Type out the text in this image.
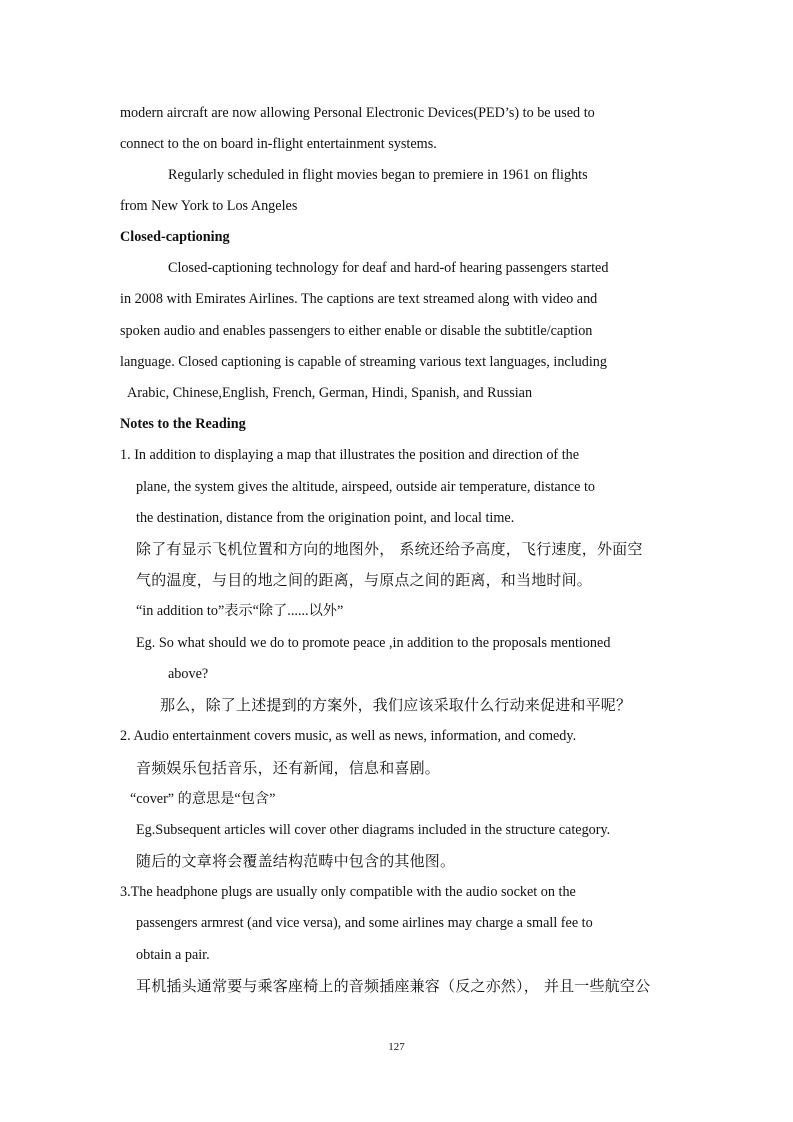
modern aircraft are now allowing Personal Electronic Devices(PED’s) to be used to
connect to the on board in-flight entertainment systems.
Regularly scheduled in flight movies began to premiere in 1961 on flights
from New York to Los Angeles
Closed-captioning
Closed-captioning technology for deaf and hard-of hearing passengers started
in 2008 with Emirates Airlines. The captions are text streamed along with video and
spoken audio and enables passengers to either enable or disable the subtitle/caption
language. Closed captioning is capable of streaming various text languages, including
Arabic, Chinese,English, French, German, Hindi, Spanish, and Russian
Notes to the Reading
1. In addition to displaying a map that illustrates the position and direction of the
plane, the system gives the altitude, airspeed, outside air temperature, distance to
the destination, distance from the origination point, and local time.
除了有显示飞机位置和方向的地图外， 系统还给予高度，飞行速度，外面空
气的温度，与目的地之间的距离，与原点之间的距离，和当地时间。
“in addition to”表示“除了......以外”
Eg. So what should we do to promote peace ,in addition to the proposals mentioned
above?
那么，除了上述提到的方案外，我们应该采取什么行动来促进和平呢？
2. Audio entertainment covers music, as well as news, information, and comedy.
音频娱乐包括音乐，还有新闻，信息和喜剧。
“cover” 的意思是“包含”
Eg.Subsequent articles will cover other diagrams included in the structure category.
随后的文章将会覆盖结构范畴中包含的其他图。
3.The headphone plugs are usually only compatible with the audio socket on the
passengers armrest (and vice versa), and some airlines may charge a small fee to
obtain a pair.
耳机插头通常要与乘客座椅上的音频插座兼容（反之亦然）， 并且一些航空公
127
